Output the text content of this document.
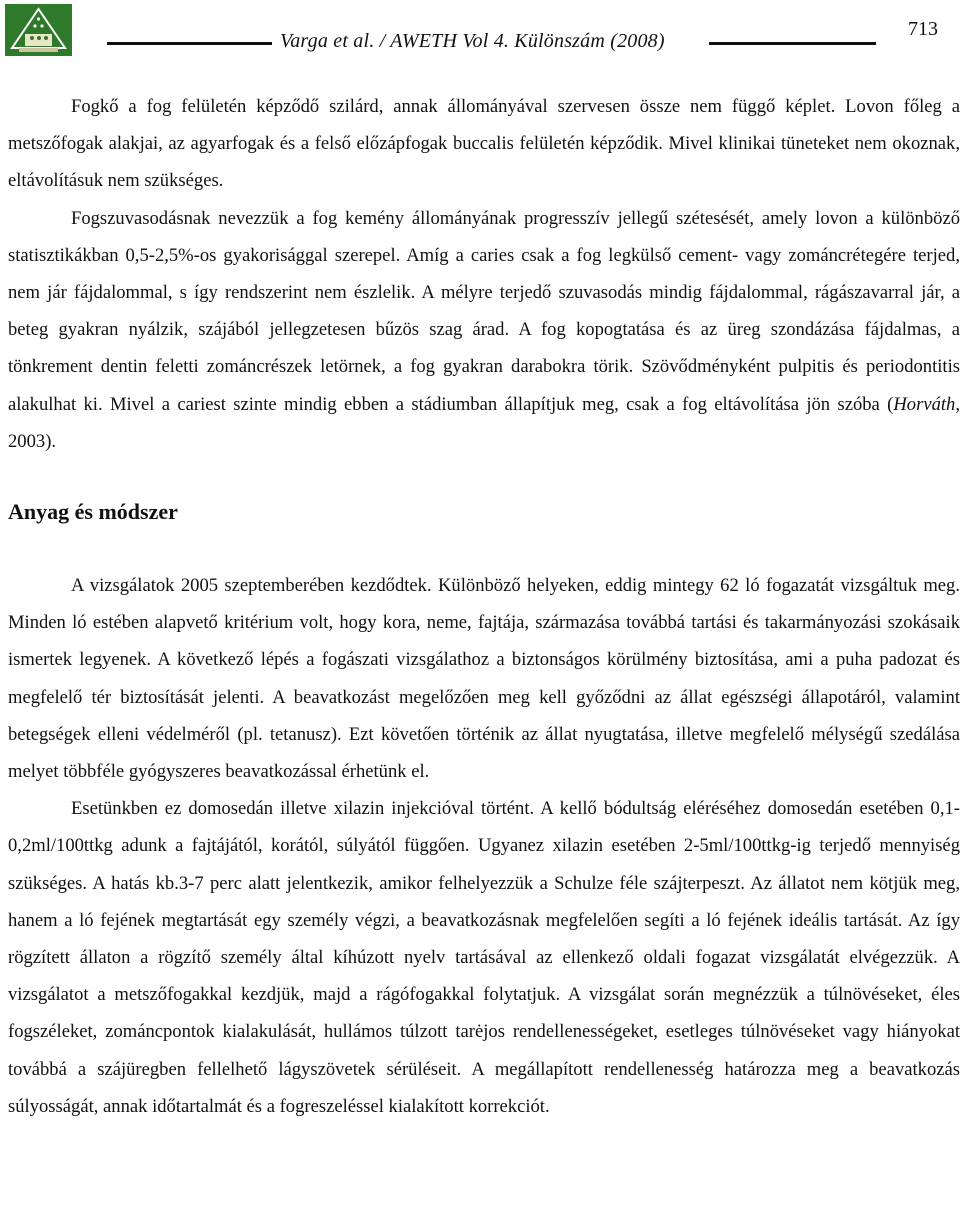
Varga et al. / AWETH Vol 4. Különszám (2008)
713

Fogkő a fog felületén képződő szilárd, annak állományával szervesen össze nem függő képlet. Lovon főleg a metszőfogak alakjai, az agyarfogak és a felső előzápfogak buccalis felületén képződik. Mivel klinikai tüneteket nem okoznak, eltávolításuk nem szükséges.

Fogszuvasodásnak nevezzük a fog kemény állományának progresszív jellegű szétesését, amely lovon a különböző statisztikákban 0,5-2,5%-os gyakorisággal szerepel. Amíg a caries csak a fog legkülső cement- vagy zománcrétegére terjed, nem jár fájdalommal, s így rendszerint nem észlelik. A mélyre terjedő szuvasodás mindig fájdalommal, rágászavarral jár, a beteg gyakran nyálzik, szájából jellegzetesen bűzös szag árad. A fog kopogtatása és az üreg szondázása fájdalmas, a tönkrement dentin feletti zománcrészek letörnek, a fog gyakran darabokra törik. Szövődményként pulpitis és periodontitis alakulhat ki. Mivel a cariest szinte mindig ebben a stádiumban állapítjuk meg, csak a fog eltávolítása jön szóba (Horváth, 2003).

Anyag és módszer

A vizsgálatok 2005 szeptemberében kezdődtek. Különböző helyeken, eddig mintegy 62 ló fogazatát vizsgáltuk meg. Minden ló estében alapvető kritérium volt, hogy kora, neme, fajtája, származása továbbá tartási és takarmányozási szokásaik ismertek legyenek. A következő lépés a fogászati vizsgálathoz a biztonságos körülmény biztosítása, ami a puha padozat és megfelelő tér biztosítását jelenti. A beavatkozást megelőzően meg kell győződni az állat egészségi állapotáról, valamint betegségek elleni védelméről (pl. tetanusz). Ezt követően történik az állat nyugtatása, illetve megfelelő mélységű szedálása melyet többféle gyógyszeres beavatkozással érhetünk el.

Esetünkben ez domosedán illetve xilazin injekcióval történt. A kellő bódultság eléréséhez domosedán esetében 0,1-0,2ml/100ttkg adunk a fajtájától, korától, súlyától függően. Ugyanez xilazin esetében 2-5ml/100ttkg-ig terjedő mennyiség szükséges. A hatás kb.3-7 perc alatt jelentkezik, amikor felhelyezzük a Schulze féle szájterpeszt. Az állatot nem kötjük meg, hanem a ló fejének megtartását egy személy végzi, a beavatkozásnak megfelelően segíti a ló fejének ideális tartását. Az így rögzített állaton a rögzítő személy által kíhúzott nyelv tartásával az ellenkező oldali fogazat vizsgálatát elvégezzük. A vizsgálatot a metszőfogakkal kezdjük, majd a rágófogakkal folytatjuk. A vizsgálat során megnézzük a túlnövéseket, éles fogszéleket, zománcpontok kialakulását, hullámos túlzott tarėjos rendellenességeket, esetleges túlnövéseket vagy hiányokat továbbá a szájüregben fellelhető lágyszövetek sérüléseit. A megállapított rendellenesség határozza meg a beavatkozás súlyosságát, annak időtartalmát és a fogreszeléssel kialakított korrekciót.
